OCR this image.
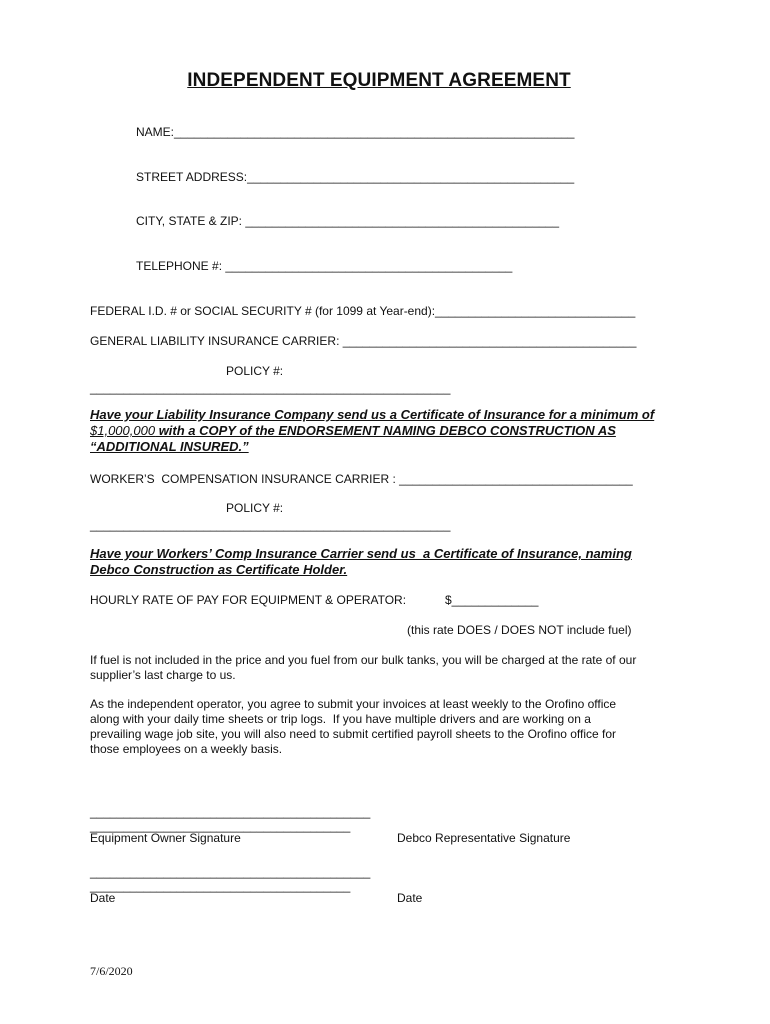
INDEPENDENT EQUIPMENT AGREEMENT
NAME:____________________________________________________________
STREET ADDRESS:_________________________________________________
CITY, STATE & ZIP: _______________________________________________
TELEPHONE #: ___________________________________________
FEDERAL I.D. # or SOCIAL SECURITY # (for 1099 at Year-end):______________________________
GENERAL LIABILITY INSURANCE CARRIER: ____________________________________________
POLICY #:
______________________________________________________
Have your Liability Insurance Company send us a Certificate of Insurance for a minimum of
$1,000,000 with a COPY of the ENDORSEMENT NAMING DEBCO CONSTRUCTION AS
“ADDITIONAL INSURED.”
WORKER’S  COMPENSATION INSURANCE CARRIER : ___________________________________
POLICY #:
______________________________________________________
Have your Workers’ Comp Insurance Carrier send us  a Certificate of Insurance, naming
Debco Construction as Certificate Holder.
HOURLY RATE OF PAY FOR EQUIPMENT & OPERATOR:	$_____________
(this rate DOES / DOES NOT include fuel)
If fuel is not included in the price and you fuel from our bulk tanks, you will be charged at the rate of our
supplier’s last charge to us.
As the independent operator, you agree to submit your invoices at least weekly to the Orofino office
along with your daily time sheets or trip logs.  If you have multiple drivers and are working on a
prevailing wage job site, you will also need to submit certified payroll sheets to the Orofino office for
those employees on a weekly basis.
__________________________________________
_______________________________________
Equipment Owner Signature	Debco Representative Signature
__________________________________________
_______________________________________
Date	Date
7/6/2020
